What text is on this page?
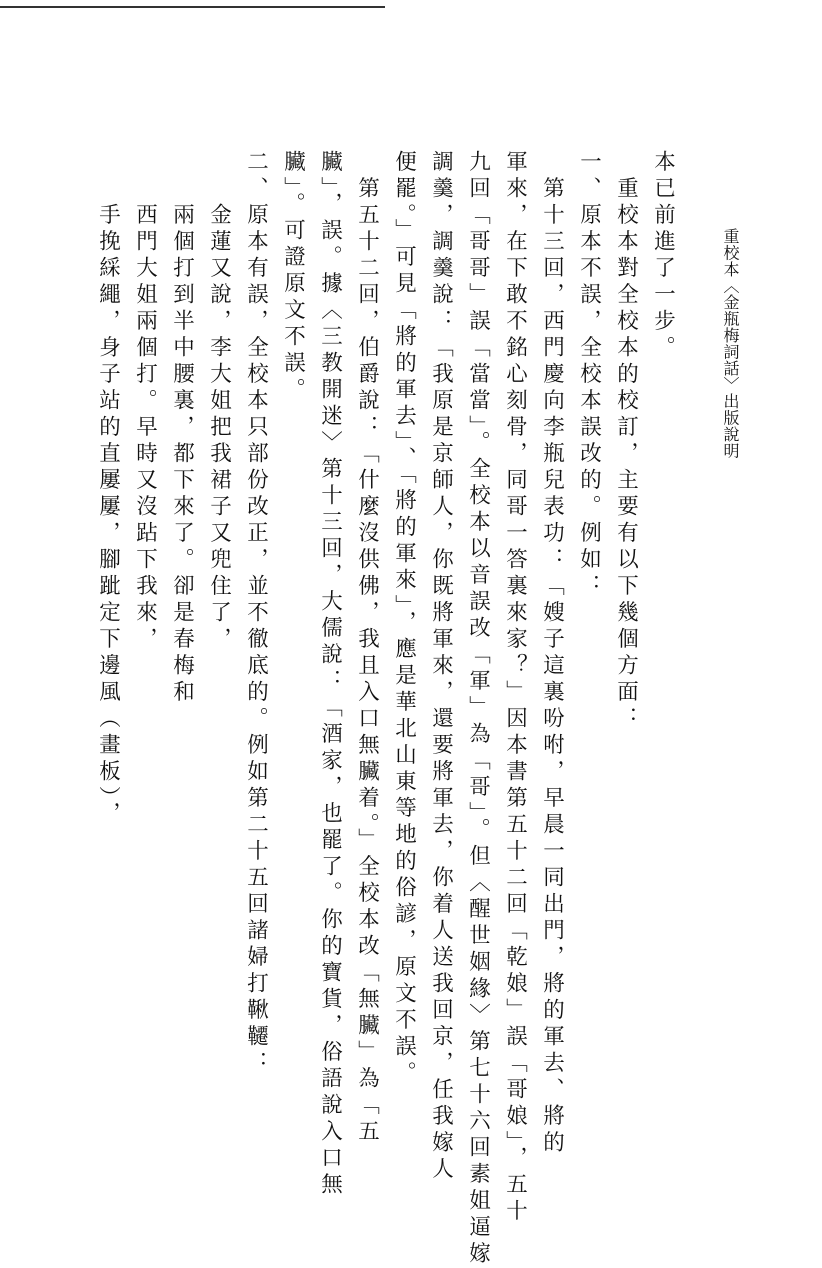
重校本〈金瓶梅詞話〉出版說明
本已前進了一步。
　重校本對全校本的校訂，主要有以下幾個方面：
一、原本不誤，全校本誤改的。例如：
　第十三回，西門慶向李瓶兒表功：「嫂子這裏吩咐，早晨一同出門，將的軍去、將的
軍來，在下敢不銘心刻骨，同哥一答裏來家？」因本書第五十二回「乾娘」誤「哥娘」，五十
九回「哥哥」誤「當當」。全校本以音誤改「軍」為「哥」。但〈醒世姻緣〉第七十六回素姐逼嫁
調羹，調羹說：「我原是京師人，你既將軍來，還要將軍去，你着人送我回京，任我嫁人
便罷。」可見「將的軍去」、「將的軍來」，應是華北山東等地的俗諺，原文不誤。
　第五十二回，伯爵說：「什麼沒供佛，我且入口無臟着。」全校本改「無臟」為「五
臟」，誤。據〈三教開迷〉第十三回，大儒說：「酒家，也罷了。你的寶貨，俗語說入口無
臟」。可證原文不誤。
二、原本有誤，全校本只部份改正，並不徹底的。例如第二十五回諸婦打鞦韆：
　　金蓮又說，李大姐把我裙子又兜住了，
　　兩個打到半中腰裏，都下來了。卻是春梅和
　　西門大姐兩個打。早時又沒跕下我來，
　　手挽綵繩，身子站的直屢屢，腳跐定下邊風（畫板），
